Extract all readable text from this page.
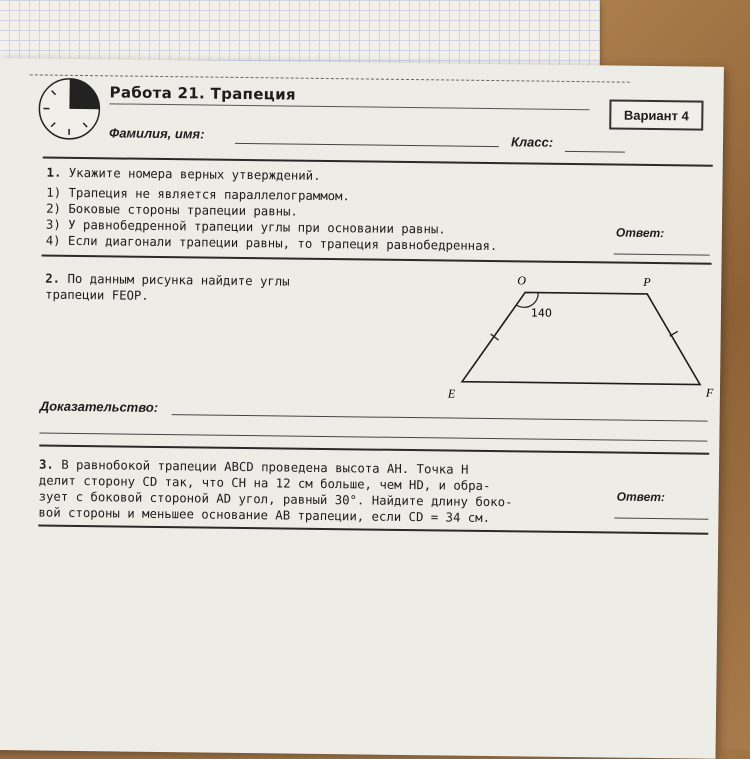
Работа 21. Трапеция
Вариант 4
Фамилия, имя:
Класс:
1. Укажите номера верных утверждений.
1) Трапеция не является параллелограммом.
2) Боковые стороны трапеции равны.
3) У равнобедренной трапеции углы при основании равны.
4) Если диагонали трапеции равны, то трапеция равнобедренная.
Ответ:
2. По данным рисунка найдите углы
трапеции FEOP.
O	P
E	F
140
Доказательство:
3. В равнобокой трапеции ABCD проведена высота AH. Точка H
делит сторону CD так, что CH на 12 см больше, чем HD, и обра-
зует с боковой стороной AD угол, равный 30°. Найдите длину боко-
вой стороны и меньшее основание AB трапеции, если CD = 34 см.
Ответ:
